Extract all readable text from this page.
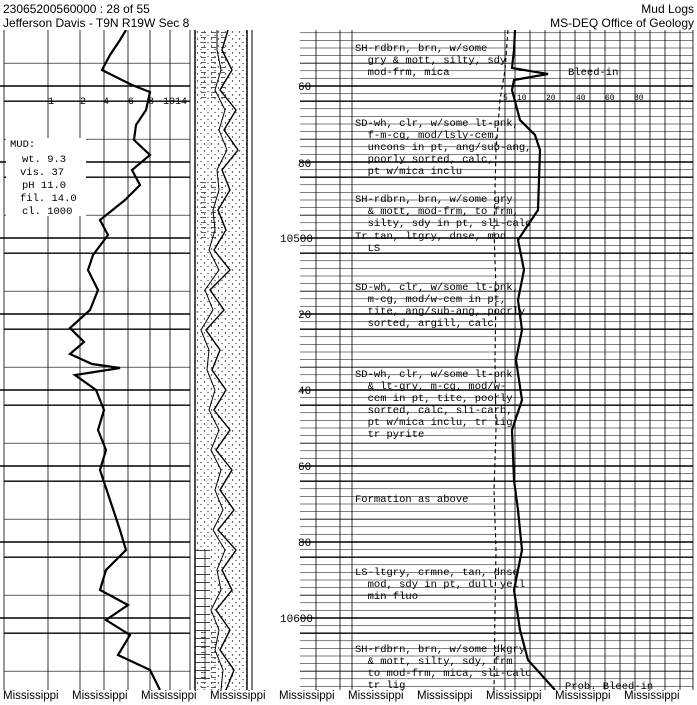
23065200560000 : 28 of 55
Jefferson Davis - T9N R19W Sec 8
Mud Logs
MS-DEQ Office of Geology
1	2 4 6 8 1014
MUD:
wt. 9.3
vis. 37
pH 11.0
fil. 14.0
cl. 1000
5 10 20	40 60 80
60
80
10500
20
40
60
80
10600
SH-rdbrn, brn, w/some
gry & mott, silty, sdy
mod-frm, mica
SD-wh, clr, w/some lt-pnk,
f-m-cg, mod/lsly-cem,
uncons in pt, ang/sub-ang,
poorly sorted, calc,
pt w/mica inclu
SH-rdbrn, brn, w/some gry
& mott, mod-frm, to frm,
silty, sdy in pt, sli-calc
Tr tan, ltgry, dnse, mod
LS
SD-wh, clr, w/some lt-pnk,
m-cg, mod/w-cem in pt,
tite, ang/sub-ang, poorly
sorted, argill, calc
SD-wh, clr, w/some lt-pnk
& lt-gry, m-cg, mod/w-
cem in pt, tite, poorly
sorted, calc, sli-carb,
pt w/mica inclu, tr lig
tr pyrite
Formation as above
LS-ltgry, crmne, tan, dnse
mod, sdy in pt, dull yell
min fluo
SH-rdbrn, brn, w/some dkgry
& mott, silty, sdy, frm
to mod-frm, mica, sli-calc
tr lig
Bleed-in
Prob. Bleed-in
Mississippi Mississippi Mississippi Mississippi Mississippi Mississippi Mississippi Mississippi Mississippi Mississippi
